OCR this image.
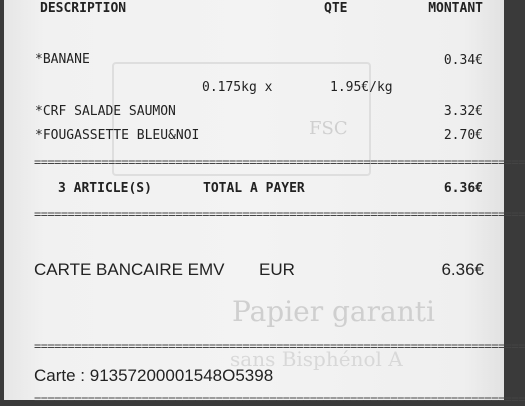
FSC
Papier garanti
sans Bisphénol A
DESCRIPTION	QTE	MONTANT
*BANANE	0.34€
0.175kg x	1.95€/kg
*CRF SALADE SAUMON	3.32€
*FOUGASSETTE BLEU&NOI	2.70€
=========================================================================
3 ARTICLE(S)	TOTAL A PAYER	6.36€
=========================================================================
CARTE BANCAIRE EMV EUR	6.36€
=========================================================================
Carte : 91357200001548O5398
=========================================================================
